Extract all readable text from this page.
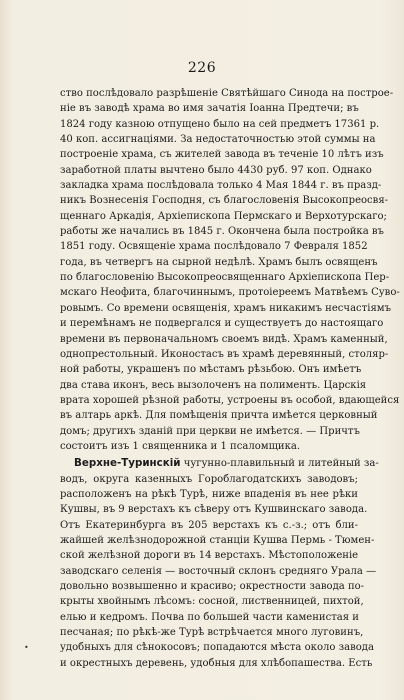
226
ство послѣдовало разрѣшеніе Святѣйшаго Синода на построе-
ніе въ заводѣ храма во имя зачатія Іоанна Предтечи; въ
1824 году казною отпущено было на сей предметъ 17361 р.
40 коп. ассигнаціями. За недостаточностью этой суммы на
построеніе храма, съ жителей завода въ теченіе 10 лѣтъ изъ
заработной платы вычтено было 4430 руб. 97 коп. Однако
закладка храма послѣдовала только 4 Мая 1844 г. въ празд-
никъ Вознесенія Господня, съ благословенія Высокопреосвя-
щеннаго Аркадія, Архіепископа Пермскаго и Верхотурскаго;
работы же начались въ 1845 г. Окончена была постройка въ
1851 году. Освященіе храма послѣдовало 7 Февраля 1852
года, въ четвергъ на сырной недѣлѣ. Храмъ былъ освященъ
по благословенію Высокопреосвященнаго Архіепископа Пер-
мскаго Неофита, благочиннымъ, протоіереемъ Матвѣемъ Суво-
ровымъ. Со времени освященія, храмъ никакимъ несчастіямъ
и перемѣнамъ не подвергался и существуетъ до настоящаго
времени въ первоначальномъ своемъ видѣ. Храмъ каменный,
однопрестольный. Иконостасъ въ храмѣ деревянный, столяр-
ной работы, украшенъ по мѣстамъ рѣзьбою. Онъ имѣетъ
два става иконъ, весь вызолоченъ на полименть. Царскія
врата хорошей рѣзной работы, устроены въ особой, вдающейся
въ алтарь аркѣ. Для помѣщенія причта имѣется церковный
домъ; другихъ зданій при церкви не имѣется. — Причтъ
состоитъ изъ 1 священника и 1 псаломщика.
Верхне-Туринскій чугунно-плавильный и литейный за-
водъ, округа казенныхъ Гороблагодатскихъ заводовъ;
расположенъ на рѣкѣ Турѣ, ниже впаденія въ нее рѣки
Кушвы, въ 9 верстахъ къ сѣверу отъ Кушвинскаго завода.
Отъ Екатеринбурга въ 205 верстахъ къ с.-з.; отъ бли-
жайшей желѣзнодорожной станціи Кушва Пермь - Тюмен-
ской желѣзной дороги въ 14 верстахъ. Мѣстоположеніе
заводскаго селенія — восточный склонъ средняго Урала —
довольно возвышенно и красиво; окрестности завода по-
крыты хвойнымъ лѣсомъ: сосной, лиственницей, пихтой,
елью и кедромъ. Почва по большей части каменистая и
песчаная; по рѣкѣ-же Турѣ встрѣчается много луговинъ,
удобныхъ для сѣнокосовъ; попадаются мѣста около завода
и окрестныхъ деревень, удобныя для хлѣбопашества. Есть
•
